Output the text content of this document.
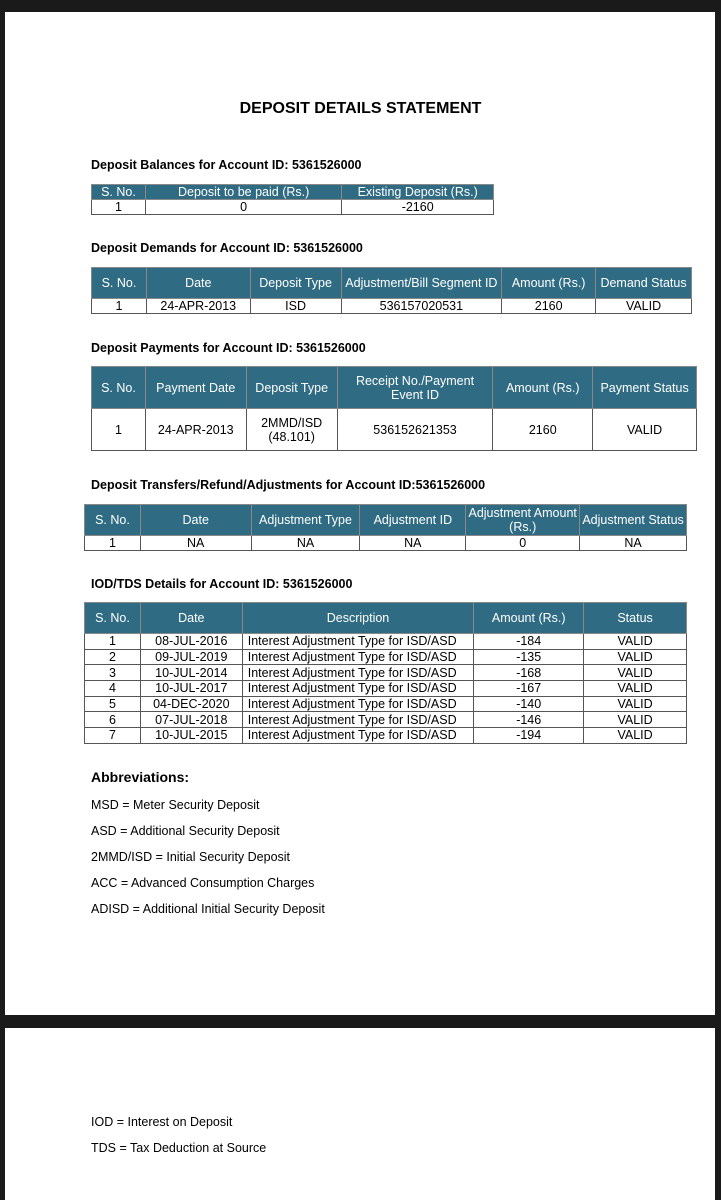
DEPOSIT DETAILS STATEMENT
Deposit Balances for Account ID: 5361526000
S. No.	Deposit to be paid (Rs.)	Existing Deposit (Rs.)
1	0	-2160
Deposit Demands for Account ID: 5361526000
S. No.	Date	Deposit Type	Adjustment/Bill Segment ID	Amount (Rs.)	Demand Status
1	24-APR-2013	ISD	536157020531	2160	VALID
Deposit Payments for Account ID: 5361526000
S. No.	Payment Date	Deposit Type	Receipt No./Payment Event ID	Amount (Rs.)	Payment Status
1	24-APR-2013	2MMD/ISD (48.101)	536152621353	2160	VALID
Deposit Transfers/Refund/Adjustments for Account ID:5361526000
S. No.	Date	Adjustment Type	Adjustment ID	Adjustment Amount (Rs.)	Adjustment Status
1	NA	NA	NA	0	NA
IOD/TDS Details for Account ID: 5361526000
S. No.	Date	Description	Amount (Rs.)	Status
1	08-JUL-2016	Interest Adjustment Type for ISD/ASD	-184	VALID
2	09-JUL-2019	Interest Adjustment Type for ISD/ASD	-135	VALID
3	10-JUL-2014	Interest Adjustment Type for ISD/ASD	-168	VALID
4	10-JUL-2017	Interest Adjustment Type for ISD/ASD	-167	VALID
5	04-DEC-2020	Interest Adjustment Type for ISD/ASD	-140	VALID
6	07-JUL-2018	Interest Adjustment Type for ISD/ASD	-146	VALID
7	10-JUL-2015	Interest Adjustment Type for ISD/ASD	-194	VALID
Abbreviations:
MSD = Meter Security Deposit
ASD = Additional Security Deposit
2MMD/ISD = Initial Security Deposit
ACC = Advanced Consumption Charges
ADISD = Additional Initial Security Deposit
IOD = Interest on Deposit
TDS = Tax Deduction at Source
